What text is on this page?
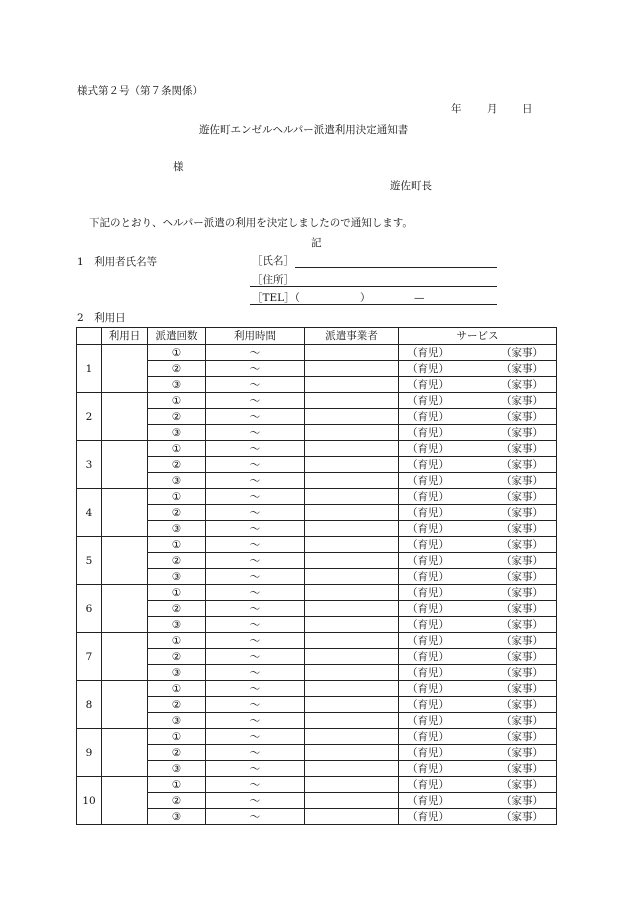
様式第２号（第７条関係）
年 月 日
遊佐町エンゼルヘルパー派遣利用決定通知書
様
遊佐町長
下記のとおり、ヘルパー派遣の利用を決定しましたので通知します。
記
1　利用者氏名等	［氏名］
［住所］
［TEL］（	）	—
2　利用日
	利用日	派遣回数	利用時間	派遣事業者	サービス
1		①	～		（育児） （家事）

		②	～		（育児） （家事）

		③	～		（育児） （家事）

2		①	～		（育児） （家事）

		②	～		（育児） （家事）

		③	～		（育児） （家事）

3		①	～		（育児） （家事）

		②	～		（育児） （家事）

		③	～		（育児） （家事）

4		①	～		（育児） （家事）

		②	～		（育児） （家事）

		③	～		（育児） （家事）

5		①	～		（育児） （家事）

		②	～		（育児） （家事）

		③	～		（育児） （家事）

6		①	～		（育児） （家事）

		②	～		（育児） （家事）

		③	～		（育児） （家事）

7		①	～		（育児） （家事）

		②	～		（育児） （家事）

		③	～		（育児） （家事）

8		①	～		（育児） （家事）

		②	～		（育児） （家事）

		③	～		（育児） （家事）

9		①	～		（育児） （家事）

		②	～		（育児） （家事）

		③	～		（育児） （家事）

10		①	～		（育児） （家事）

		②	～		（育児） （家事）

		③	～		（育児） （家事）
